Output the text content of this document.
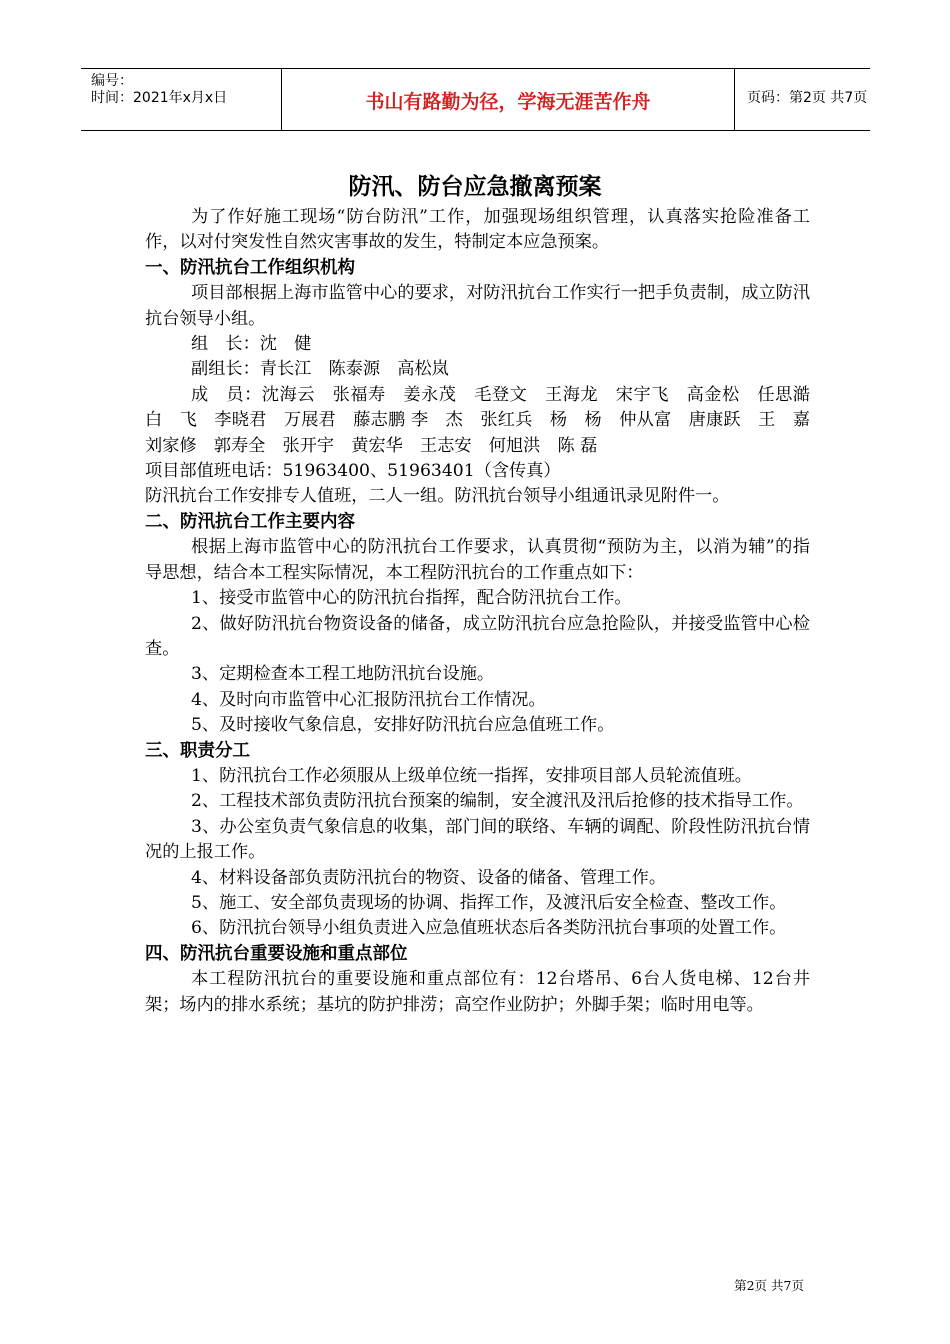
编号：
时间：2021年x月x日	书山有路勤为径，学海无涯苦作舟	页码：第2页 共7页
防汛、防台应急撤离预案

为了作好施工现场“防台防汛”工作，加强现场组织管理，认真落实抢险准备工作，以对付突发性自然灾害事故的发生，特制定本应急预案。

一、防汛抗台工作组织机构

项目部根据上海市监管中心的要求，对防汛抗台工作实行一把手负责制，成立防汛抗台领导小组。

组　长：沈　健

副组长：青长江　陈泰源　高松岚

成　员：沈海云　张福寿　姜永茂　毛登文　王海龙　宋宇飞　高金松　任思澔　白　飞　李晓君　万展君　藤志鹏 李　杰　张红兵　杨　杨　仲从富　唐康跃　王　嘉　刘家修　郭寿全　张开宇　黄宏华　王志安　何旭洪　陈 磊

项目部值班电话：51963400、51963401（含传真）

防汛抗台工作安排专人值班，二人一组。防汛抗台领导小组通讯录见附件一。

二、防汛抗台工作主要内容

根据上海市监管中心的防汛抗台工作要求，认真贯彻“预防为主，以消为辅”的指导思想，结合本工程实际情况，本工程防汛抗台的工作重点如下：

1、接受市监管中心的防汛抗台指挥，配合防汛抗台工作。

2、做好防汛抗台物资设备的储备，成立防汛抗台应急抢险队，并接受监管中心检查。

3、定期检查本工程工地防汛抗台设施。

4、及时向市监管中心汇报防汛抗台工作情况。

5、及时接收气象信息，安排好防汛抗台应急值班工作。

三、职责分工

1、防汛抗台工作必须服从上级单位统一指挥，安排项目部人员轮流值班。

2、工程技术部负责防汛抗台预案的编制，安全渡汛及汛后抢修的技术指导工作。

3、办公室负责气象信息的收集，部门间的联络、车辆的调配、阶段性防汛抗台情况的上报工作。

4、材料设备部负责防汛抗台的物资、设备的储备、管理工作。

5、施工、安全部负责现场的协调、指挥工作，及渡汛后安全检查、整改工作。

6、防汛抗台领导小组负责进入应急值班状态后各类防汛抗台事项的处置工作。

四、防汛抗台重要设施和重点部位

本工程防汛抗台的重要设施和重点部位有：12台塔吊、6台人货电梯、12台井架；场内的排水系统；基坑的防护排涝；高空作业防护；外脚手架；临时用电等。

第2页 共7页
